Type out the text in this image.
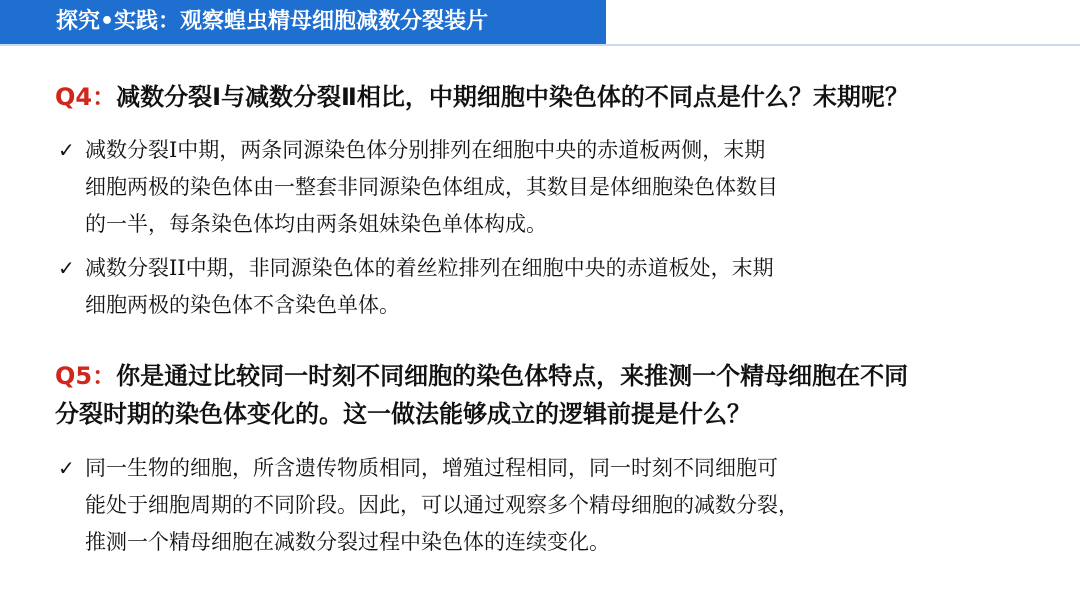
探究•实践：观察蝗虫精母细胞减数分裂装片
Q4：减数分裂Ⅰ与减数分裂Ⅱ相比，中期细胞中染色体的不同点是什么？末期呢？
✓ 减数分裂I中期，两条同源染色体分别排列在细胞中央的赤道板两侧，末期
细胞两极的染色体由一整套非同源染色体组成，其数目是体细胞染色体数目
的一半，每条染色体均由两条姐妹染色单体构成。
✓ 减数分裂II中期，非同源染色体的着丝粒排列在细胞中央的赤道板处，末期
细胞两极的染色体不含染色单体。
Q5：你是通过比较同一时刻不同细胞的染色体特点，来推测一个精母细胞在不同
分裂时期的染色体变化的。这一做法能够成立的逻辑前提是什么？
✓ 同一生物的细胞，所含遗传物质相同，增殖过程相同，同一时刻不同细胞可
能处于细胞周期的不同阶段。因此，可以通过观察多个精母细胞的减数分裂，
推测一个精母细胞在减数分裂过程中染色体的连续变化。
